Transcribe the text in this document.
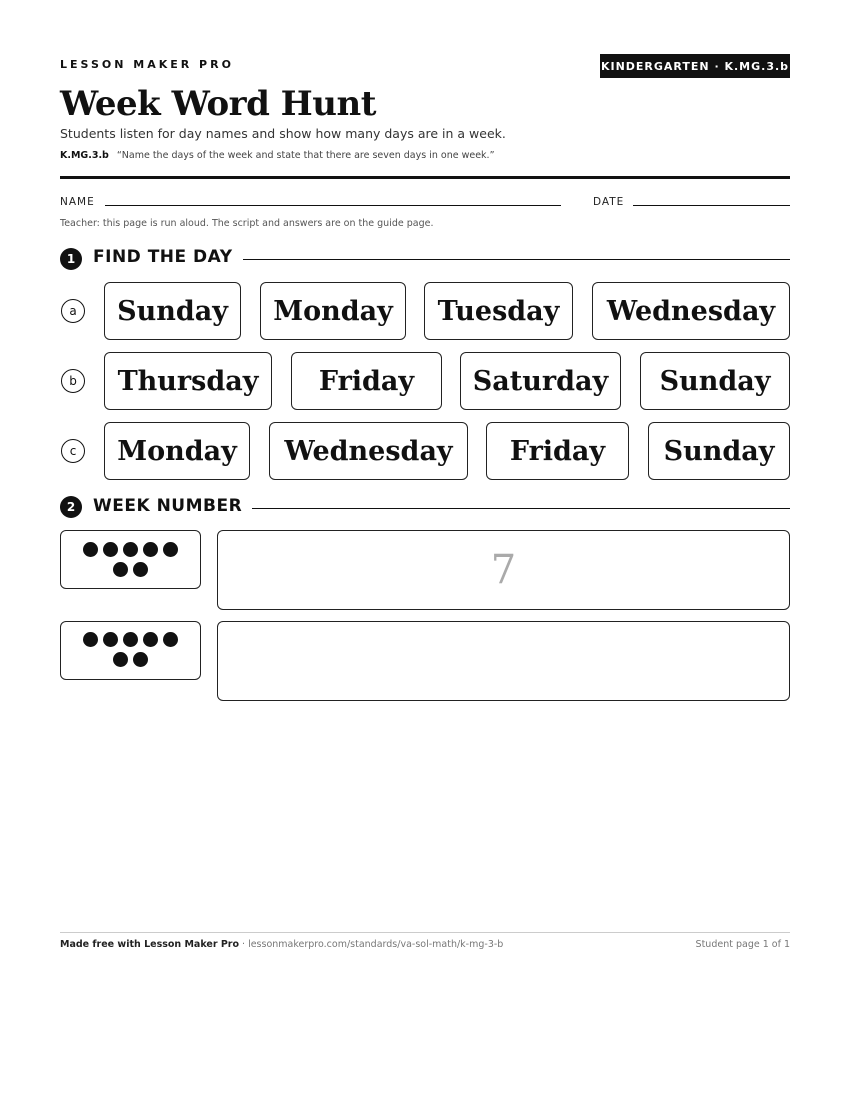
LESSON MAKER PRO	KINDERGARTEN · K.MG.3.b
Week Word Hunt
Students listen for day names and show how many days are in a week.
K.MG.3.b “Name the days of the week and state that there are seven days in one week.”
NAME	DATE
Teacher: this page is run aloud. The script and answers are on the guide page.
1	FIND THE DAY
a	Sunday	Monday	Tuesday	Wednesday
b	Thursday	Friday	Saturday	Sunday
c	Monday	Wednesday	Friday	Sunday
2	WEEK NUMBER
7
Made free with Lesson Maker Pro · lessonmakerpro.com/standards/va-sol-math/k-mg-3-b	Student page 1 of 1
